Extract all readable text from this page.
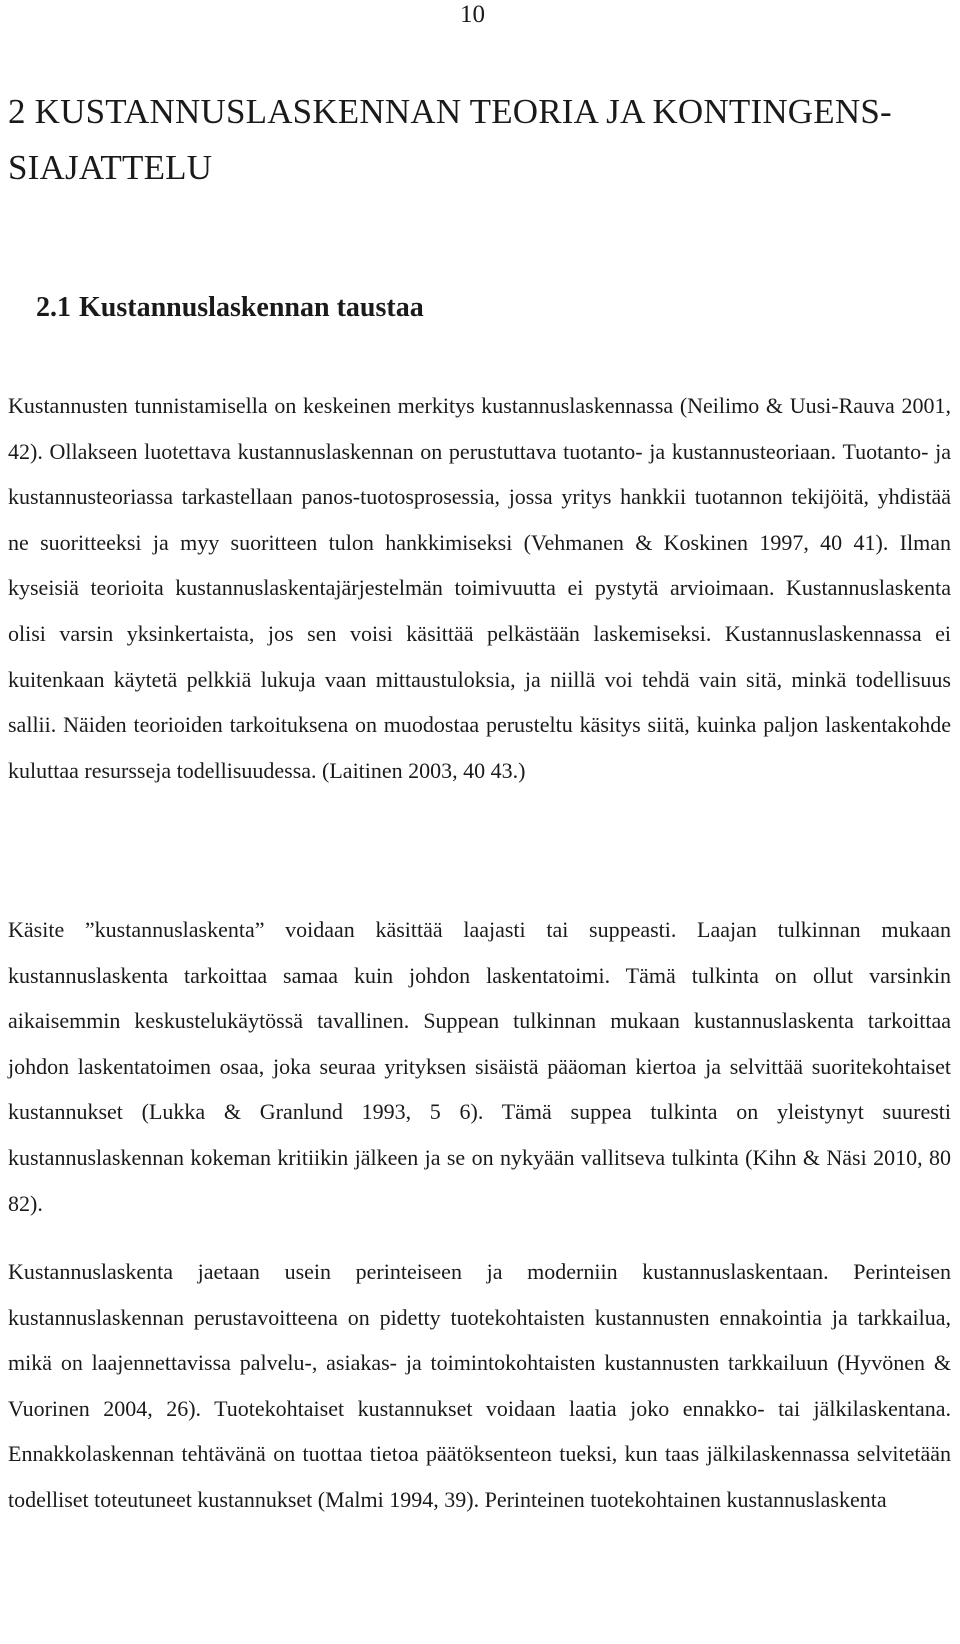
10
2 KUSTANNUSLASKENNAN TEORIA JA KONTINGENSSIAJATTELU
2.1 Kustannuslaskennan taustaa

Kustannusten tunnistamisella on keskeinen merkitys kustannuslaskennassa (Neilimo & Uusi-Rauva 2001, 42). Ollakseen luotettava kustannuslaskennan on perustuttava tuotanto- ja kustannusteoriaan. Tuotanto- ja kustannusteoriassa tarkastellaan panos-tuotosprosessia, jossa yritys hankkii tuotannon tekijöitä, yhdistää ne suoritteeksi ja myy suoritteen tulon hankkimiseksi (Vehmanen & Koskinen 1997, 40 41). Ilman kyseisiä teorioita kustannuslaskentajärjestelmän toimivuutta ei pystytä arvioimaan. Kustannuslaskenta olisi varsin yksinkertaista, jos sen voisi käsittää pelkästään laskemiseksi. Kustannuslaskennassa ei kuitenkaan käytetä pelkkiä lukuja vaan mittaustuloksia, ja niillä voi tehdä vain sitä, minkä todellisuus sallii. Näiden teorioiden tarkoituksena on muodostaa perusteltu käsitys siitä, kuinka paljon laskentakohde kuluttaa resursseja todellisuudessa. (Laitinen 2003, 40 43.)

Käsite ”kustannuslaskenta” voidaan käsittää laajasti tai suppeasti. Laajan tulkinnan mukaan kustannuslaskenta tarkoittaa samaa kuin johdon laskentatoimi. Tämä tulkinta on ollut varsinkin aikaisemmin keskustelukäytössä tavallinen. Suppean tulkinnan mukaan kustannuslaskenta tarkoittaa johdon laskentatoimen osaa, joka seuraa yrityksen sisäistä pääoman kiertoa ja selvittää suoritekohtaiset kustannukset (Lukka & Granlund 1993, 5 6). Tämä suppea tulkinta on yleistynyt suuresti kustannuslaskennan kokeman kritiikin jälkeen ja se on nykyään vallitseva tulkinta (Kihn & Näsi 2010, 80 82).

Kustannuslaskenta jaetaan usein perinteiseen ja moderniin kustannuslaskentaan. Perinteisen kustannuslaskennan perustavoitteena on pidetty tuotekohtaisten kustannusten ennakointia ja tarkkailua, mikä on laajennettavissa palvelu-, asiakas- ja toimintokohtaisten kustannusten tarkkailuun (Hyvönen & Vuorinen 2004, 26). Tuotekohtaiset kustannukset voidaan laatia joko ennakko- tai jälkilaskentana. Ennakkolaskennan tehtävänä on tuottaa tietoa päätöksenteon tueksi, kun taas jälkilaskennassa selvitetään todelliset toteutuneet kustannukset (Malmi 1994, 39). Perinteinen tuotekohtainen kustannuslaskenta
